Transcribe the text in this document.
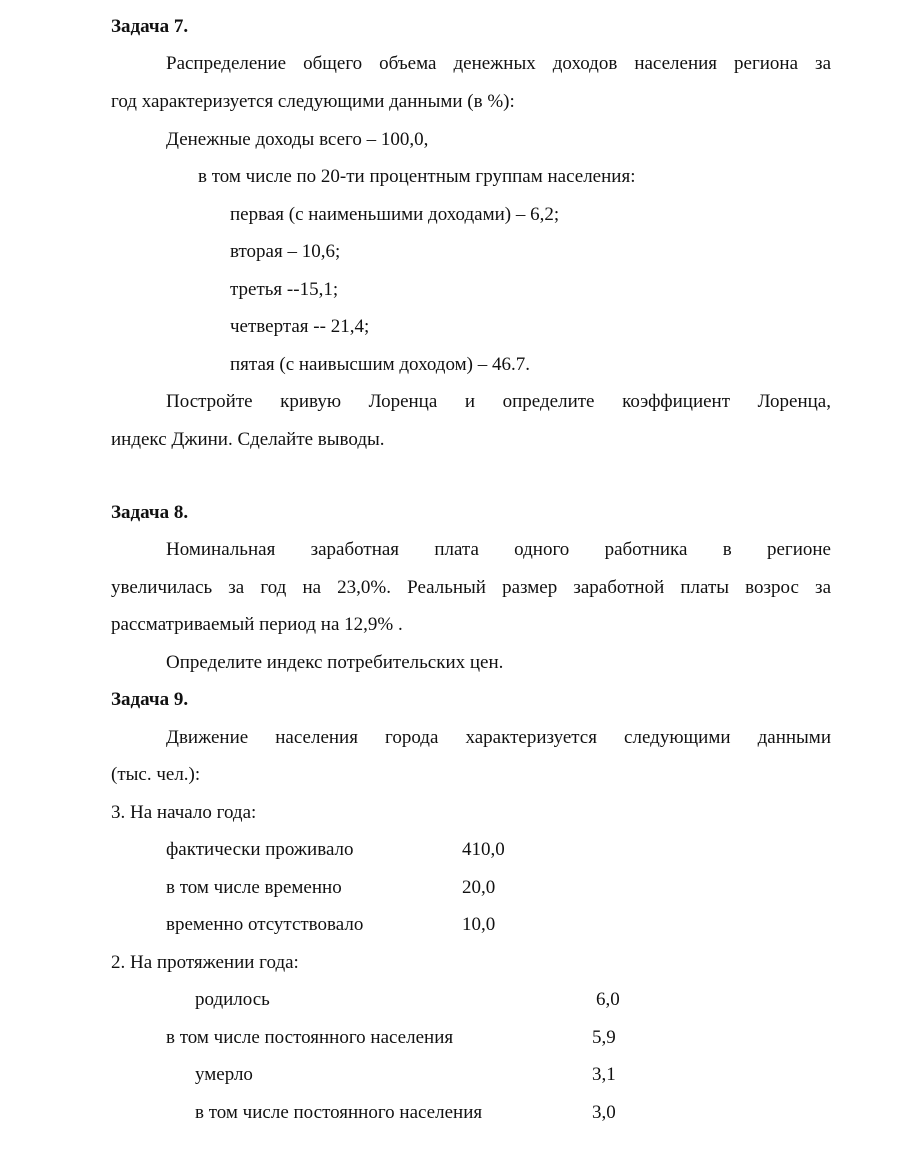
Задача 7.
Распределение общего объема денежных доходов населения региона за
год характеризуется следующими данными (в %):
Денежные доходы всего – 100,0,
в том числе по 20-ти процентным группам населения:
первая (с наименьшими доходами) – 6,2;
вторая – 10,6;
третья --15,1;
четвертая -- 21,4;
пятая (с наивысшим доходом) – 46.7.
Постройте кривую Лоренца и определите коэффициент Лоренца,
индекс Джини. Сделайте выводы.
Задача 8.
Номинальная заработная плата одного работника в регионе
увеличилась за год на 23,0%. Реальный размер заработной платы возрос за
рассматриваемый период на 12,9% .
Определите индекс потребительских цен.
Задача 9.
Движение населения города характеризуется следующими данными
(тыс. чел.):
3. На начало года:
фактически проживало	410,0
в том числе временно	20,0
временно отсутствовало	10,0
2. На протяжении года:
родилось	6,0
в том числе постоянного населения	5,9
умерло	3,1
в том числе постоянного населения	3,0
